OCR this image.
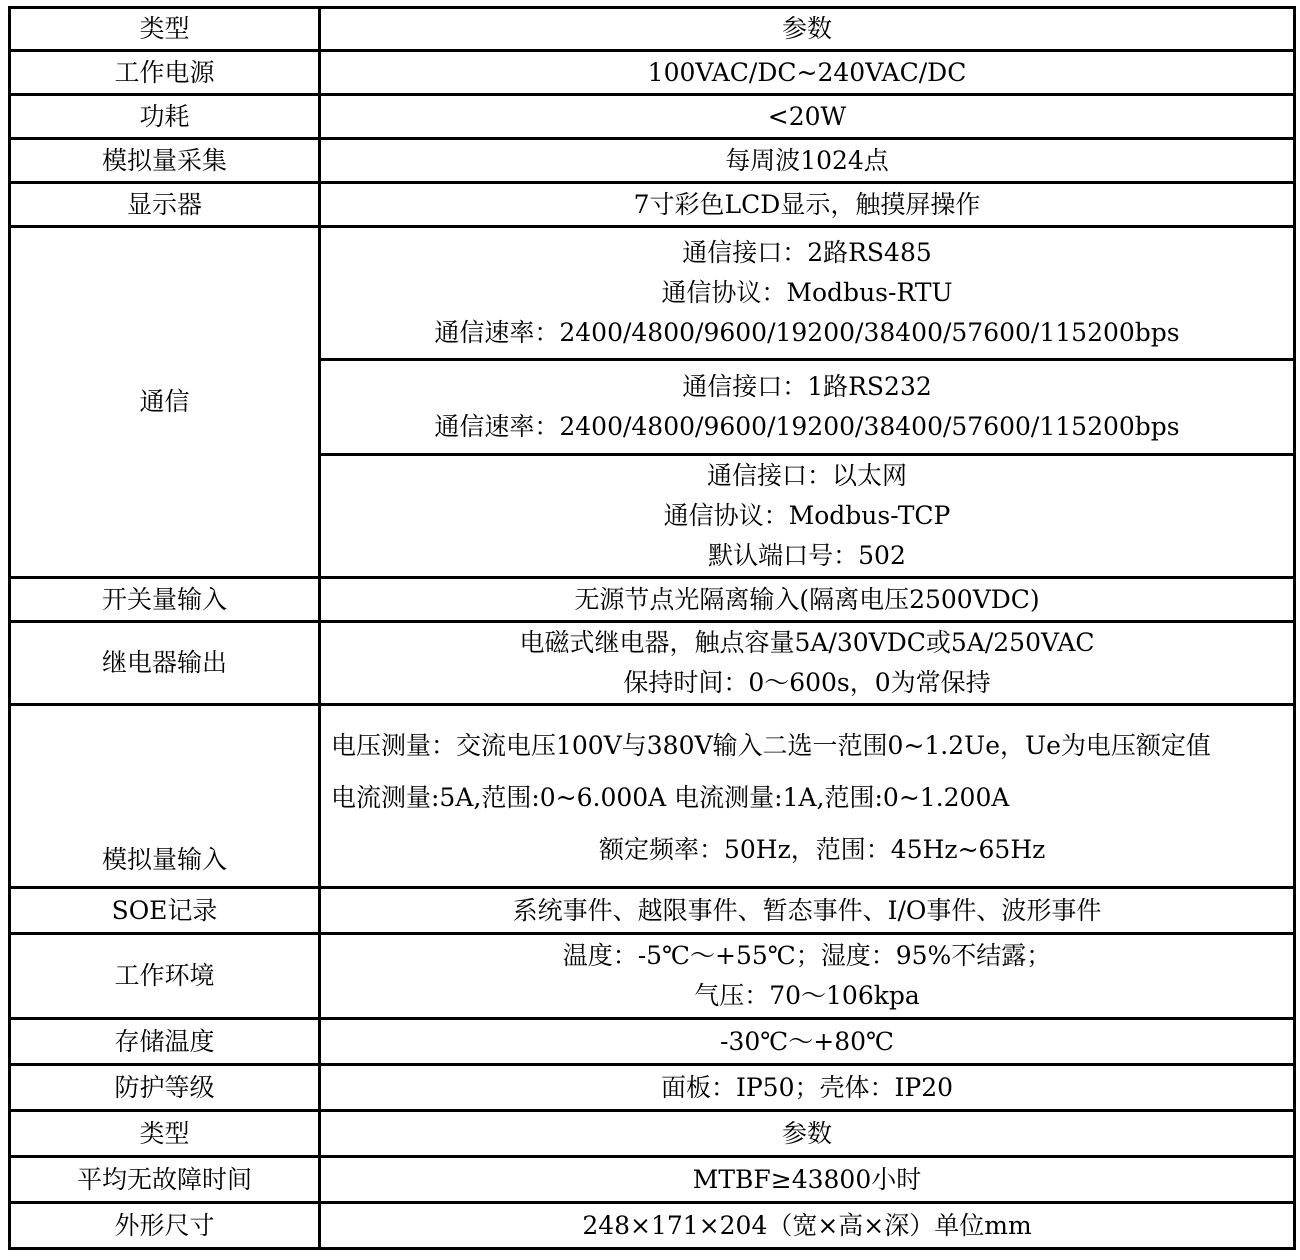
类型	参数
工作电源	100VAC/DC~240VAC/DC
功耗	<20W
模拟量采集	每周波1024点
显示器	7寸彩色LCD显示，触摸屏操作
通信	通信接口：2路RS485
通信协议：Modbus-RTU
通信速率：2400/4800/9600/19200/38400/57600/115200bps

	通信接口：1路RS232
通信速率：2400/4800/9600/19200/38400/57600/115200bps

	通信接口：以太网
通信协议：Modbus-TCP
默认端口号：502

开关量输入	无源节点光隔离输入(隔离电压2500VDC)
继电器输出	电磁式继电器，触点容量5A/30VDC或5A/250VAC
保持时间：0～600s，0为常保持

模拟量输入	电压测量：交流电压100V与380V输入二选一范围0~1.2Ue，Ue为电压额定值
电流测量:5A,范围:0~6.000A 电流测量:1A,范围:0~1.200A
额定频率：50Hz，范围：45Hz~65Hz

SOE记录	系统事件、越限事件、暂态事件、I/O事件、波形事件
工作环境	温度：-5℃～+55℃；湿度：95%不结露；
气压：70～106kpa

存储温度	-30℃～+80℃
防护等级	面板：IP50；壳体：IP20
类型	参数
平均无故障时间	MTBF≥43800小时
外形尺寸	248×171×204（宽×高×深）单位mm
